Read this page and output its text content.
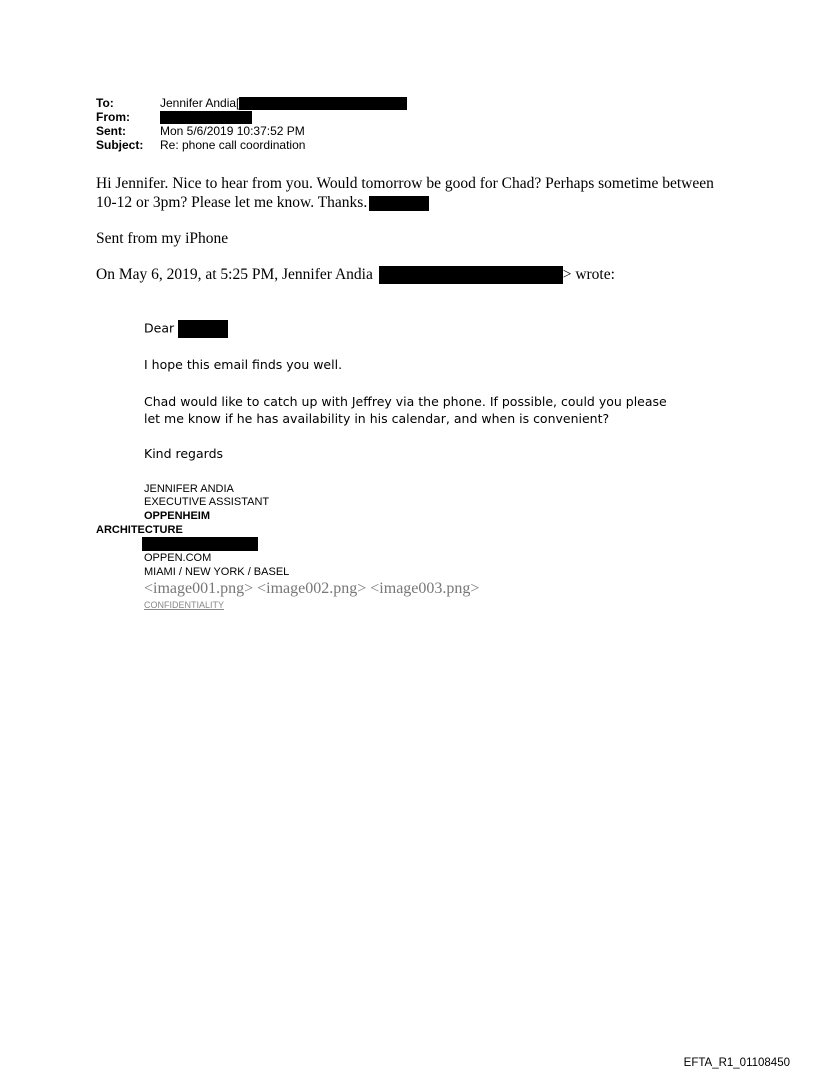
To:	Jennifer Andia[
From:
Sent:	Mon 5/6/2019 10:37:52 PM
Subject:	Re: phone call coordination
Hi Jennifer. Nice to hear from you. Would tomorrow be good for Chad? Perhaps sometime between 10-12 or 3pm? Please let me know. Thanks.
Sent from my iPhone
On May 6, 2019, at 5:25 PM, Jennifer Andia	> wrote:
Dear
I hope this email finds you well.
Chad would like to catch up with Jeffrey via the phone. If possible, could you please let me know if he has availability in his calendar, and when is convenient?
Kind regards
JENNIFER ANDIA
EXECUTIVE ASSISTANT
OPPENHEIM
ARCHITECTURE
OPPEN.COM
MIAMI / NEW YORK / BASEL
<image001.png> <image002.png> <image003.png>
CONFIDENTIALITY
EFTA_R1_01108450
